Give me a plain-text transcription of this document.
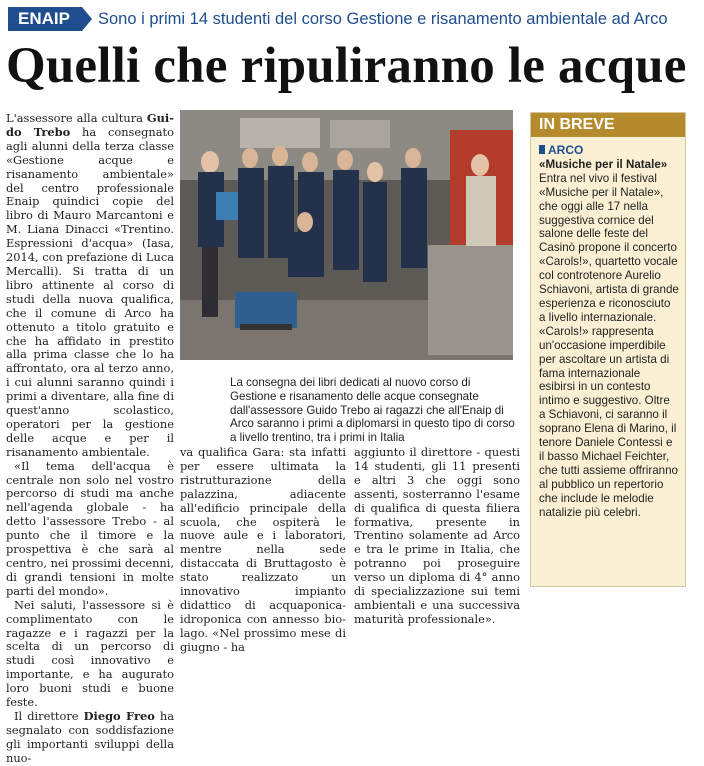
ENAIP	Sono i primi 14 studenti del corso Gestione e risanamento ambientale ad Arco
Quelli che ripuliranno le acque

L'assessore alla cultura Gui-do Trebo ha consegnato agli alunni della terza classe «Gestione acque e risanamento ambientale» del centro professionale Enaip quindici copie del libro di Mauro Marcantoni e M. Liana Dinacci «Trentino. Espressioni d'acqua» (Iasa, 2014, con prefazione di Luca Mercalli). Si tratta di un libro attinente al corso di studi della nuova qualifica, che il comune di Arco ha ottenuto a titolo gratuito e che ha affidato in prestito alla prima classe che lo ha affrontato, ora al terzo anno, i cui alunni saranno quindi i primi a diventare, alla fine di quest'anno scolastico, operatori per la gestione delle acque e per il risanamento ambientale.

«Il tema dell'acqua è centrale non solo nel vostro percorso di studi ma anche nell'agenda globale - ha detto l'assessore Trebo - al punto che il timore e la prospettiva è che sarà al centro, nei prossimi decenni, di grandi tensioni in molte parti del mondo».

Nei saluti, l'assessore si è complimentato con le ragazze e i ragazzi per la scelta di un percorso di studi così innovativo e importante, e ha augurato loro buoni studi e buone feste.

Il direttore Diego Freo ha segnalato con soddisfazione gli importanti sviluppi della nuo-

La consegna dei libri dedicati al nuovo corso di Gestione e risanamento delle acque consegnate dall'assessore Guido Trebo ai ragazzi che all'Enaip di Arco saranno i primi a diplomarsi in questo tipo di corso a livello trentino, tra i primi in Italia

va qualifica Gara: sta infatti per essere ultimata la ristrutturazione della palazzina, adiacente all'edificio principale della scuola, che ospiterà le nuove aule e i laboratori, mentre nella sede distaccata di Bruttagosto è stato realizzato un innovativo impianto didattico di acquaponica-idroponica con annesso bio-lago. «Nel prossimo mese di giugno - ha

aggiunto il direttore - questi 14 studenti, gli 11 presenti e altri 3 che oggi sono assenti, sosterranno l'esame di qualifica di questa filiera formativa, presente in Trentino solamente ad Arco e tra le prime in Italia, che potranno poi proseguire verso un diploma di 4° anno di specializzazione sui temi ambientali e una successiva maturità professionale».

IN BREVE
ARCO
«Musiche per il Natale»
Entra nel vivo il festival «Musiche per il Natale», che oggi alle 17 nella suggestiva cornice del salone delle feste del Casinò propone il concerto «Carols!», quartetto vocale col controtenore Aurelio Schiavoni, artista di grande esperienza e riconosciuto a livello internazionale. «Carols!» rappresenta un'occasione imperdibile per ascoltare un artista di fama internazionale esibirsi in un contesto intimo e suggestivo. Oltre a Schiavoni, ci saranno il soprano Elena di Marino, il tenore Daniele Contessi e il basso Michael Feichter, che tutti assieme offriranno al pubblico un repertorio che include le melodie natalizie più celebri.
